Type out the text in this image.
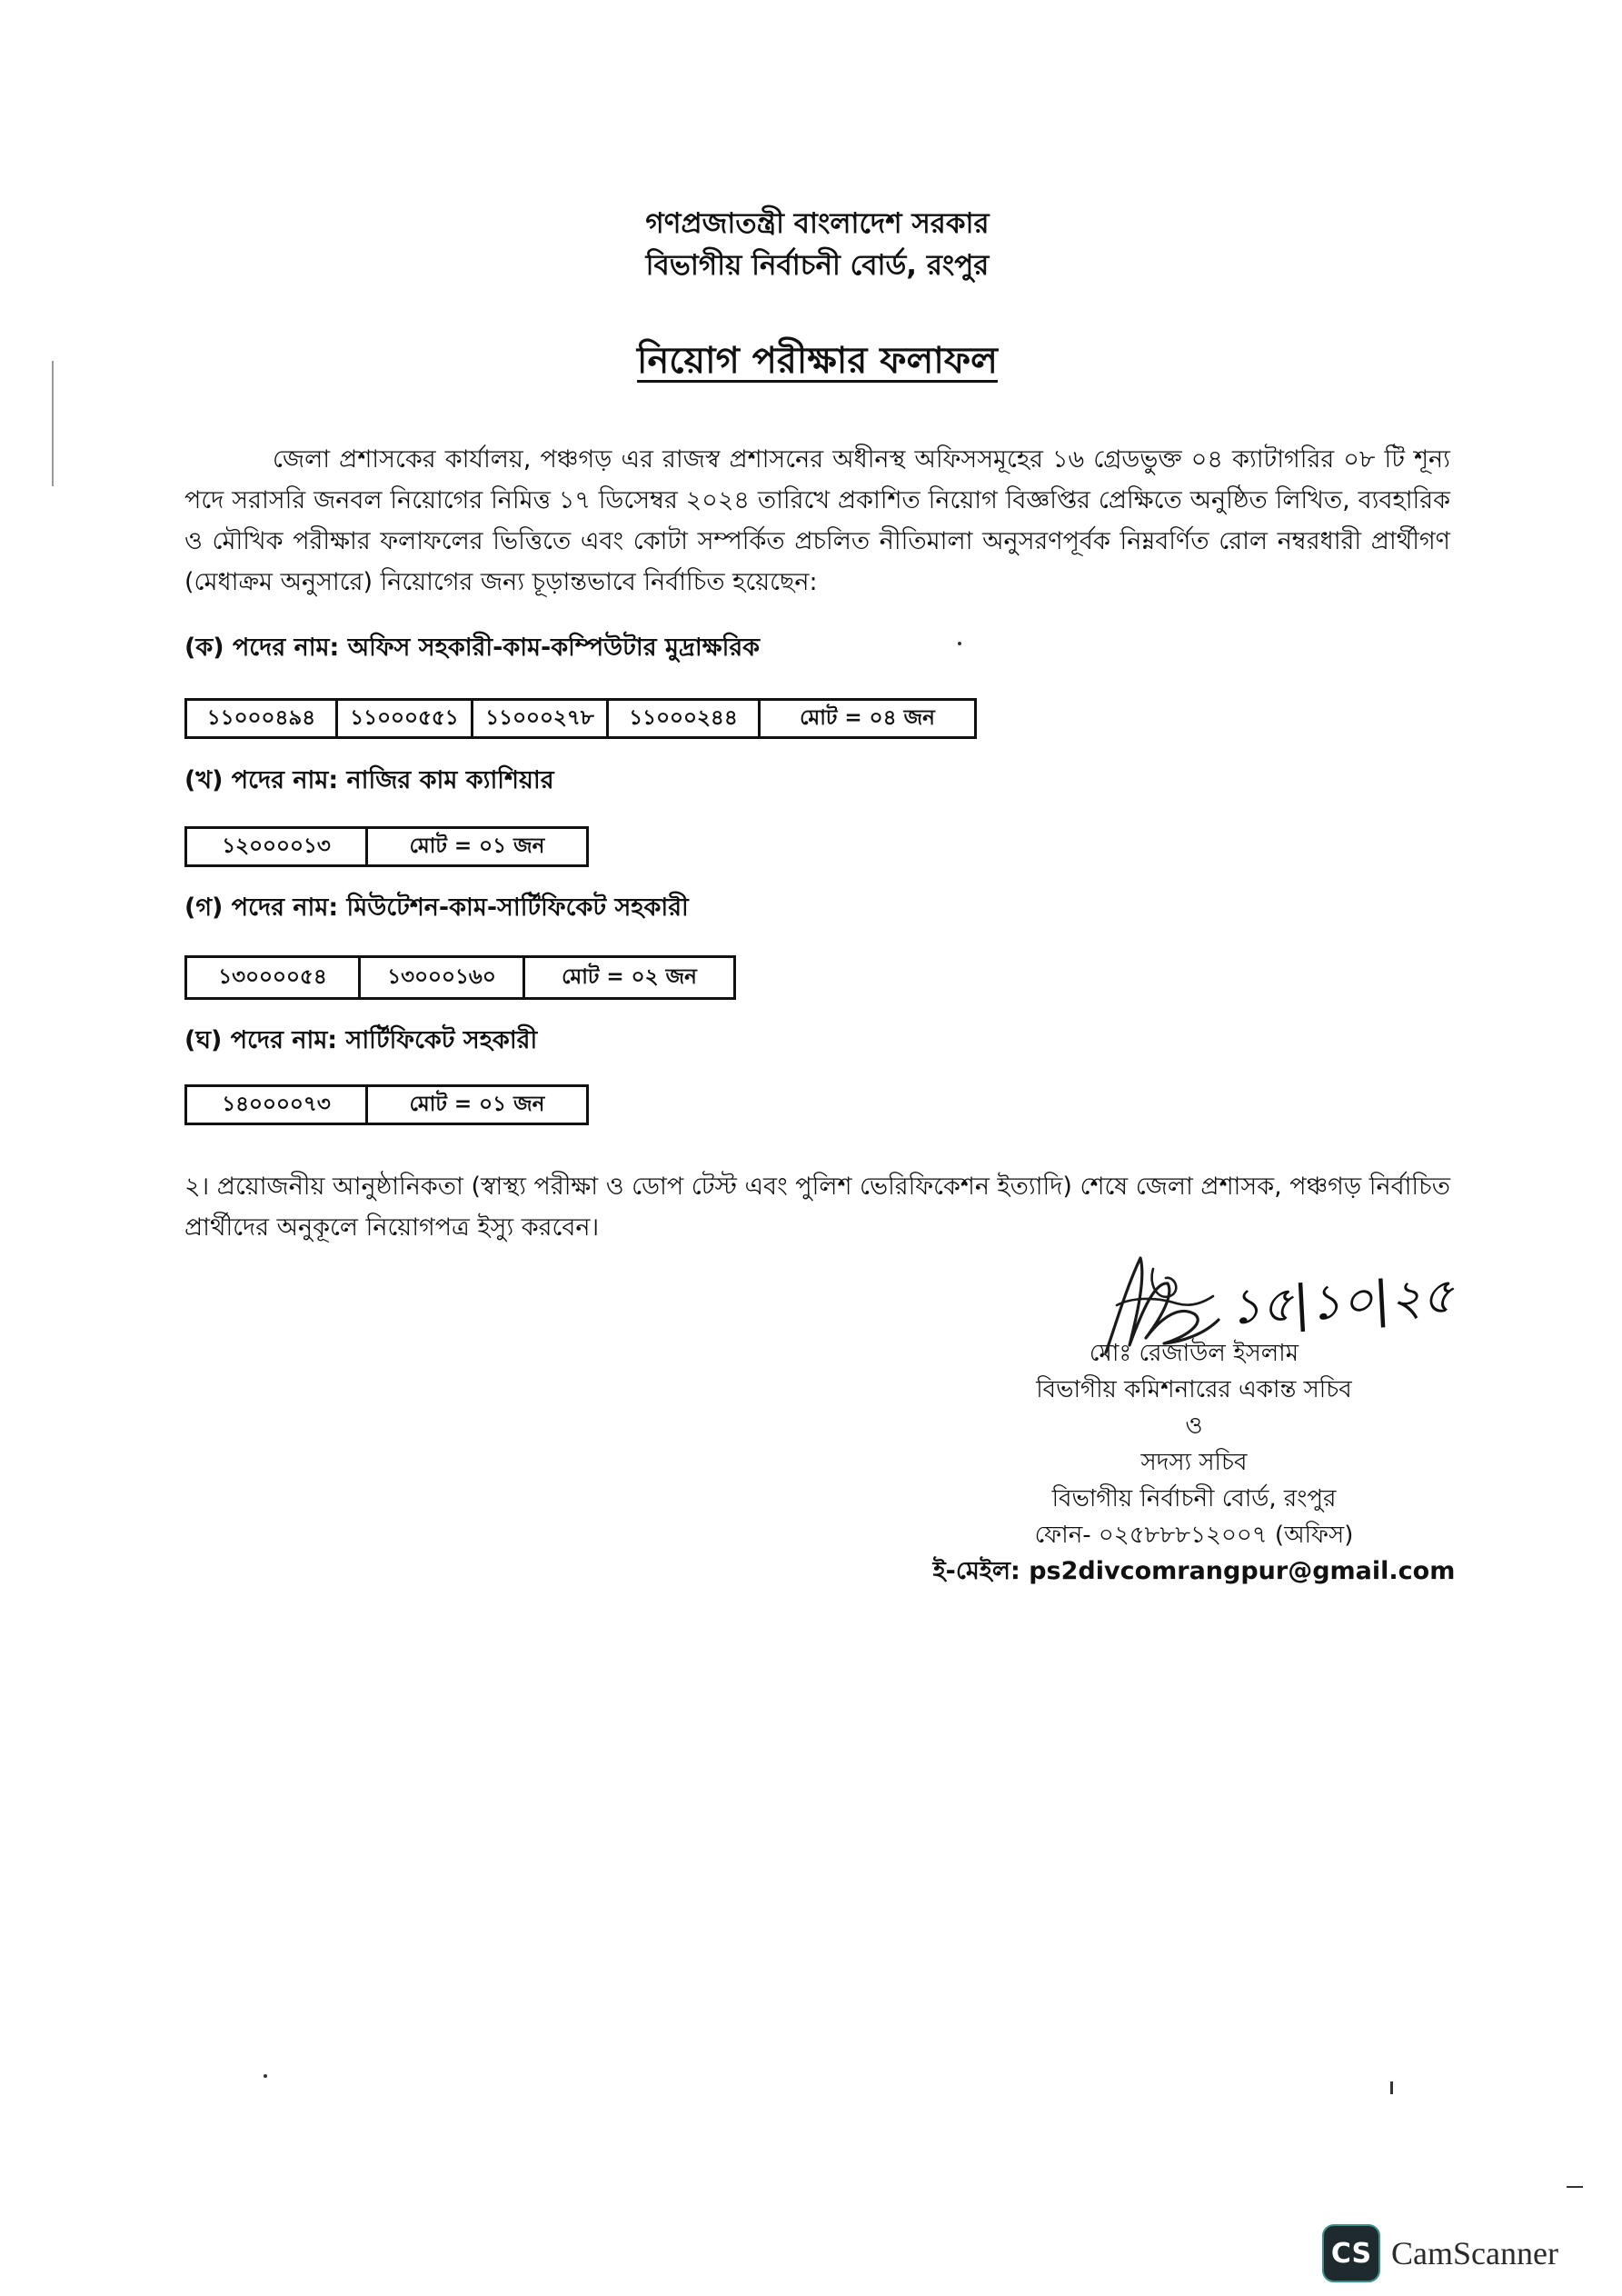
গণপ্রজাতন্ত্রী বাংলাদেশ সরকার
বিভাগীয় নির্বাচনী বোর্ড, রংপুর
নিয়োগ পরীক্ষার ফলাফল
জেলা প্রশাসকের কার্যালয়, পঞ্চগড় এর রাজস্ব প্রশাসনের অধীনস্থ অফিসসমূহের ১৬ গ্রেডভুক্ত ০৪ ক্যাটাগরির ০৮ টি শূন্য পদে সরাসরি জনবল নিয়োগের নিমিত্ত ১৭ ডিসেম্বর ২০২৪ তারিখে প্রকাশিত নিয়োগ বিজ্ঞপ্তির প্রেক্ষিতে অনুষ্ঠিত লিখিত, ব্যবহারিক ও মৌখিক পরীক্ষার ফলাফলের ভিত্তিতে এবং কোটা সম্পর্কিত প্রচলিত নীতিমালা অনুসরণপূর্বক নিম্নবর্ণিত রোল নম্বরধারী প্রার্থীগণ (মেধাক্রম অনুসারে) নিয়োগের জন্য চূড়ান্তভাবে নির্বাচিত হয়েছেন:
(ক) পদের নাম: অফিস সহকারী-কাম-কম্পিউটার মুদ্রাক্ষরিক
১১০০০৪৯৪	১১০০০৫৫১	১১০০০২৭৮	১১০০০২৪৪	মোট = ০৪ জন
(খ) পদের নাম: নাজির কাম ক্যাশিয়ার
১২০০০০১৩	মোট = ০১ জন
(গ) পদের নাম: মিউটেশন-কাম-সার্টিফিকেট সহকারী
১৩০০০০৫৪	১৩০০০১৬০	মোট = ০২ জন
(ঘ) পদের নাম: সার্টিফিকেট সহকারী
১৪০০০০৭৩	মোট = ০১ জন
২। প্রয়োজনীয় আনুষ্ঠানিকতা (স্বাস্থ্য পরীক্ষা ও ডোপ টেস্ট এবং পুলিশ ভেরিফিকেশন ইত্যাদি) শেষে জেলা প্রশাসক, পঞ্চগড় নির্বাচিত প্রার্থীদের অনুকূলে নিয়োগপত্র ইস্যু করবেন।
১৫|১০|২৫
মোঃ রেজাউল ইসলাম
বিভাগীয় কমিশনারের একান্ত সচিব
ও
সদস্য সচিব
বিভাগীয় নির্বাচনী বোর্ড, রংপুর
ফোন- ০২৫৮৮৮১২০০৭ (অফিস)
ই-মেইল: ps2divcomrangpur@gmail.com
CS CamScanner
